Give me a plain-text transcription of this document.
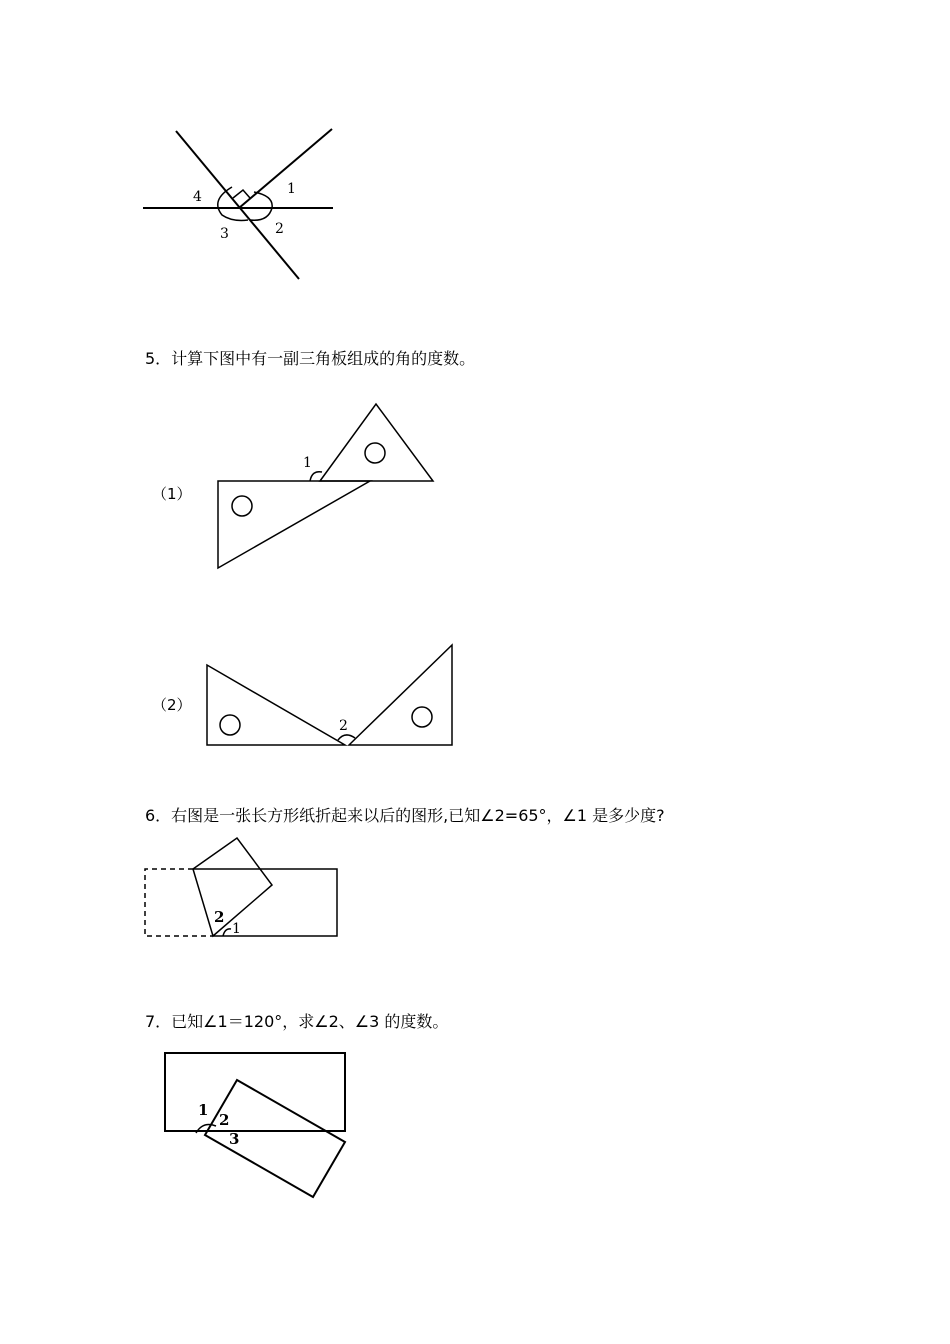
4	1
3	2
5．计算下图中有一副三角板组成的角的度数。
（1）
1
（2）
2
6．右图是一张长方形纸折起来以后的图形,已知∠2=65°，∠1 是多少度?
2
1
7．已知∠1＝120°，求∠2、∠3 的度数。
1
2
3
